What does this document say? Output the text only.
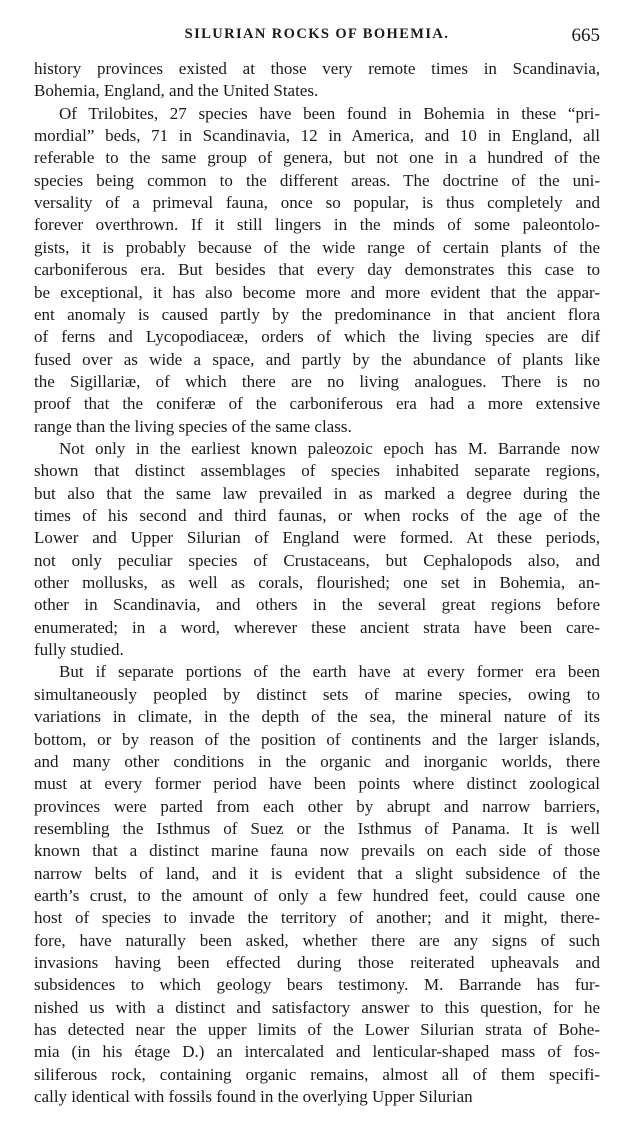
SILURIAN ROCKS OF BOHEMIA.	665
history provinces existed at those very remote times in Scandinavia,
Bohemia, England, and the United States.
Of Trilobites, 27 species have been found in Bohemia in these “pri-
mordial” beds, 71 in Scandinavia, 12 in America, and 10 in England, all
referable to the same group of genera, but not one in a hundred of the
species being common to the different areas. The doctrine of the uni-
versality of a primeval fauna, once so popular, is thus completely and
forever overthrown. If it still lingers in the minds of some paleontolo-
gists, it is probably because of the wide range of certain plants of the
carboniferous era. But besides that every day demonstrates this case to
be exceptional, it has also become more and more evident that the appar-
ent anomaly is caused partly by the predominance in that ancient flora
of ferns and Lycopodiaceæ, orders of which the living species are dif
fused over as wide a space, and partly by the abundance of plants like
the Sigillariæ, of which there are no living analogues. There is no
proof that the coniferæ of the carboniferous era had a more extensive
range than the living species of the same class.
Not only in the earliest known paleozoic epoch has M. Barrande now
shown that distinct assemblages of species inhabited separate regions,
but also that the same law prevailed in as marked a degree during the
times of his second and third faunas, or when rocks of the age of the
Lower and Upper Silurian of England were formed. At these periods,
not only peculiar species of Crustaceans, but Cephalopods also, and
other mollusks, as well as corals, flourished; one set in Bohemia, an-
other in Scandinavia, and others in the several great regions before
enumerated; in a word, wherever these ancient strata have been care-
fully studied.
But if separate portions of the earth have at every former era been
simultaneously peopled by distinct sets of marine species, owing to
variations in climate, in the depth of the sea, the mineral nature of its
bottom, or by reason of the position of continents and the larger islands,
and many other conditions in the organic and inorganic worlds, there
must at every former period have been points where distinct zoological
provinces were parted from each other by abrupt and narrow barriers,
resembling the Isthmus of Suez or the Isthmus of Panama. It is well
known that a distinct marine fauna now prevails on each side of those
narrow belts of land, and it is evident that a slight subsidence of the
earth’s crust, to the amount of only a few hundred feet, could cause one
host of species to invade the territory of another; and it might, there-
fore, have naturally been asked, whether there are any signs of such
invasions having been effected during those reiterated upheavals and
subsidences to which geology bears testimony. M. Barrande has fur-
nished us with a distinct and satisfactory answer to this question, for he
has detected near the upper limits of the Lower Silurian strata of Bohe-
mia (in his étage D.) an intercalated and lenticular-shaped mass of fos-
siliferous rock, containing organic remains, almost all of them specifi-
cally identical with fossils found in the overlying Upper Silurian
